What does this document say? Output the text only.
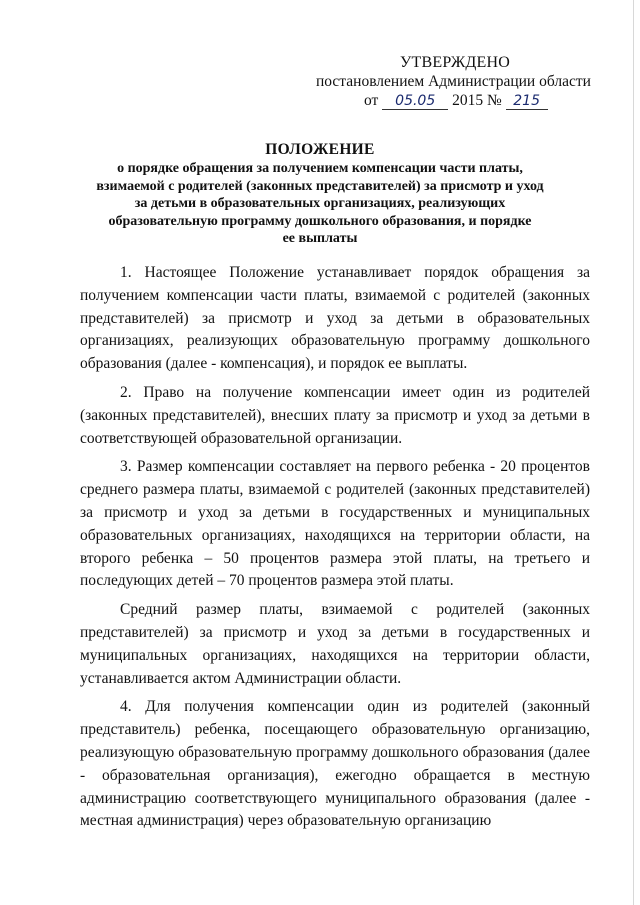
УТВЕРЖДЕНО
постановлением Администрации области
от 05.05 2015 № 215
ПОЛОЖЕНИЕ
о порядке обращения за получением компенсации части платы,
взимаемой с родителей (законных представителей) за присмотр и уход
за детьми в образовательных организациях, реализующих
образовательную программу дошкольного образования, и порядке
ее выплаты

1. Настоящее Положение устанавливает порядок обращения за получением компенсации части платы, взимаемой с родителей (законных представителей) за присмотр и уход за детьми в образовательных организациях, реализующих образовательную программу дошкольного образования (далее - компенсация), и порядок ее выплаты.

2. Право на получение компенсации имеет один из родителей (законных представителей), внесших плату за присмотр и уход за детьми в соответствующей образовательной организации.

3. Размер компенсации составляет на первого ребенка - 20 процентов среднего размера платы, взимаемой с родителей (законных представителей) за присмотр и уход за детьми в государственных и муниципальных образовательных организациях, находящихся на территории области, на второго ребенка – 50 процентов размера этой платы, на третьего и последующих детей – 70 процентов размера этой платы.

Средний размер платы, взимаемой с родителей (законных представителей) за присмотр и уход за детьми в государственных и муниципальных организациях, находящихся на территории области, устанавливается актом Администрации области.

4. Для получения компенсации один из родителей (законный представитель) ребенка, посещающего образовательную организацию, реализующую образовательную программу дошкольного образования (далее - образовательная организация), ежегодно обращается в местную администрацию соответствующего муниципального образования (далее - местная администрация) через образовательную организацию
